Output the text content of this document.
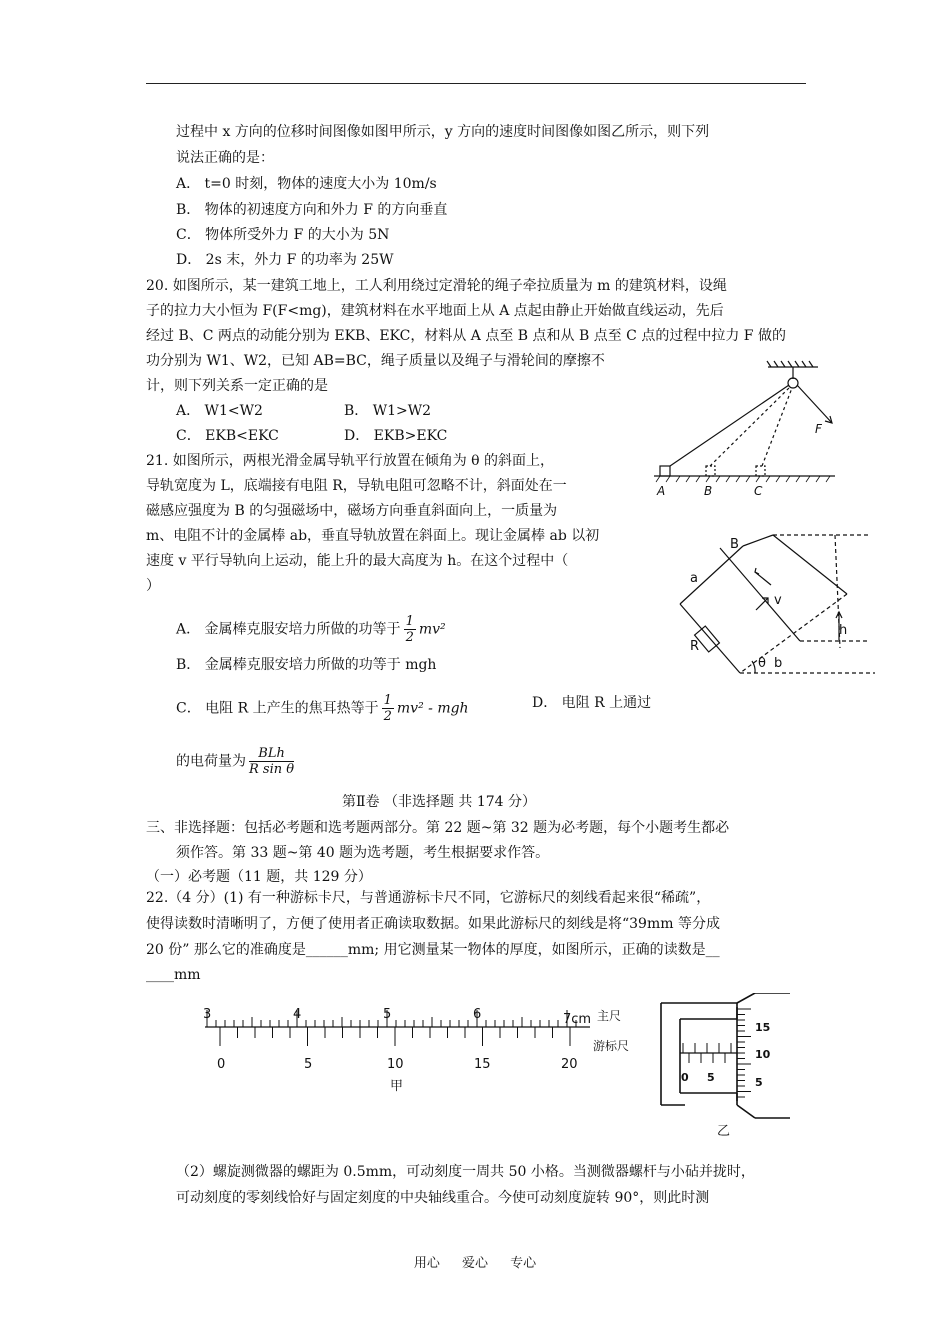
过程中 x 方向的位移时间图像如图甲所示，y 方向的速度时间图像如图乙所示，则下列
说法正确的是：
A． t=0 时刻，物体的速度大小为 10m/s
B． 物体的初速度方向和外力 F 的方向垂直
C． 物体所受外力 F 的大小为 5N
D． 2s 末，外力 F 的功率为 25W
20. 如图所示，某一建筑工地上，工人利用绕过定滑轮的绳子牵拉质量为 m 的建筑材料，设绳
子的拉力大小恒为 F(F<mg)，建筑材料在水平地面上从 A 点起由静止开始做直线运动，先后
经过 B、C 两点的动能分别为 EKB、EKC，材料从 A 点至 B 点和从 B 点至 C 点的过程中拉力 F 做的
功分别为 W1、W2，已知 AB=BC，绳子质量以及绳子与滑轮间的摩擦不
计，则下列关系一定正确的是
A． W1<W2	B． W1>W2
C． EKB<EKC	D． EKB>EKC
A	B	C
F
21. 如图所示，两根光滑金属导轨平行放置在倾角为 θ 的斜面上，
导轨宽度为 L，底端接有电阻 R，导轨电阻可忽略不计，斜面处在一
磁感应强度为 B 的匀强磁场中，磁场方向垂直斜面向上，一质量为
m、电阻不计的金属棒 ab，垂直导轨放置在斜面上。现让金属棒 ab 以初
速度 v 平行导轨向上运动，能上升的最大高度为 h。在这个过程中（
）
B
a
v
h
R
θ b
A． 金属棒克服安培力所做的功等于 $\frac{1}{2} mv^2$
B． 金属棒克服安培力所做的功等于 mgh
C． 电阻 R 上产生的焦耳热等于 $\frac{1}{2} mv^2$ - mgh	D． 电阻 R 上通过
的电荷量为 $\frac{\text{BLh}}{\text{R sin θ}}$
第Ⅱ卷 （非选择题 共 174 分）
三、非选择题：包括必考题和选考题两部分。第 22 题~第 32 题为必考题，每个小题考生都必
须作答。第 33 题~第 40 题为选考题，考生根据要求作答。
（一）必考题（11 题，共 129 分）
22.（4 分）(1) 有一种游标卡尺，与普通游标卡尺不同，它游标尺的刻线看起来很“稀疏”，
使得读数时清晰明了，方便了使用者正确读取数据。如果此游标尺的刻线是将“39mm 等分成
20 份” 那么它的准确度是______mm; 用它测量某一物体的厚度，如图所示，正确的读数是__
____mm
3	4	5	6	7cm
0	5	10	15	20
甲
主尺
游标尺
15
10
5
0 5
乙
（2）螺旋测微器的螺距为 0.5mm，可动刻度一周共 50 小格。当测微器螺杆与小砧并拢时，
可动刻度的零刻线恰好与固定刻度的中央轴线重合。今使可动刻度旋转 90°，则此时测
用心 爱心 专心
